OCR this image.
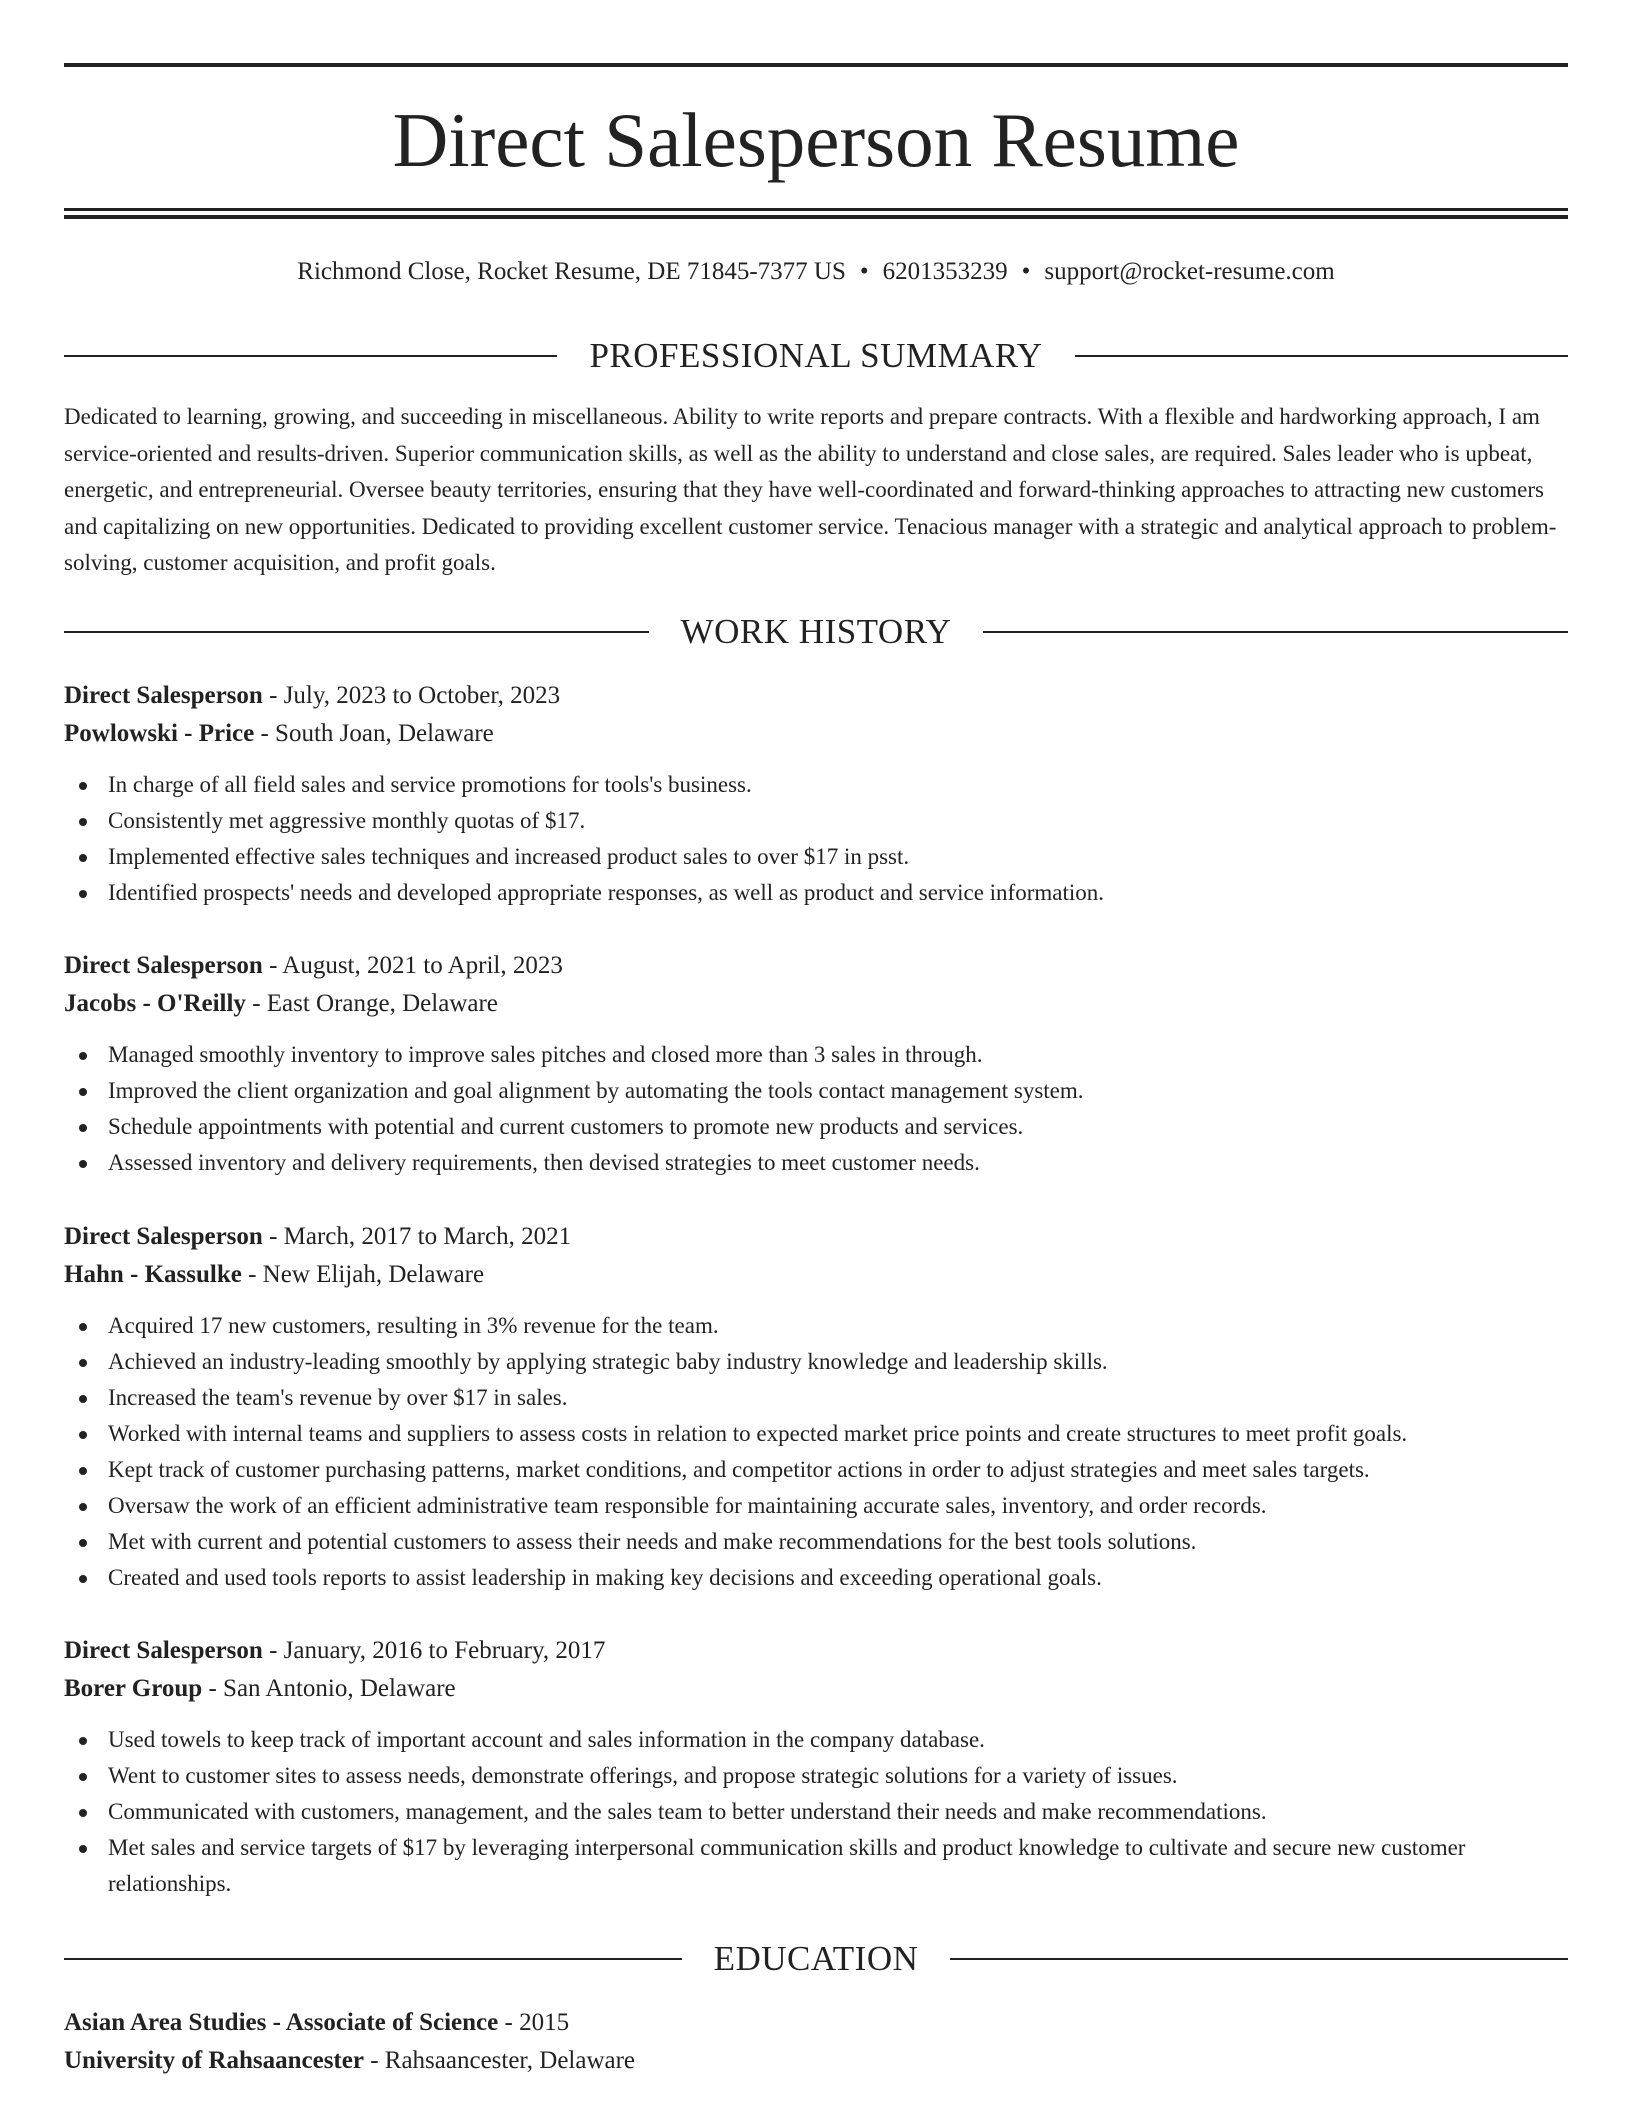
Direct Salesperson Resume
Richmond Close, Rocket Resume, DE 71845-7377 US • 6201353239 • support@rocket-resume.com
PROFESSIONAL SUMMARY

Dedicated to learning, growing, and succeeding in miscellaneous. Ability to write reports and prepare contracts. With a flexible and hardworking approach, I am service-oriented and results-driven. Superior communication skills, as well as the ability to understand and close sales, are required. Sales leader who is upbeat, energetic, and entrepreneurial. Oversee beauty territories, ensuring that they have well-coordinated and forward-thinking approaches to attracting new customers and capitalizing on new opportunities. Dedicated to providing excellent customer service. Tenacious manager with a strategic and analytical approach to problem-solving, customer acquisition, and profit goals.

WORK HISTORY

Direct Salesperson - July, 2023 to October, 2023

Powlowski - Price - South Joan, Delaware

In charge of all field sales and service promotions for tools's business.
Consistently met aggressive monthly quotas of $17.
Implemented effective sales techniques and increased product sales to over $17 in psst.
Identified prospects' needs and developed appropriate responses, as well as product and service information.

Direct Salesperson - August, 2021 to April, 2023

Jacobs - O'Reilly - East Orange, Delaware

Managed smoothly inventory to improve sales pitches and closed more than 3 sales in through.
Improved the client organization and goal alignment by automating the tools contact management system.
Schedule appointments with potential and current customers to promote new products and services.
Assessed inventory and delivery requirements, then devised strategies to meet customer needs.

Direct Salesperson - March, 2017 to March, 2021

Hahn - Kassulke - New Elijah, Delaware

Acquired 17 new customers, resulting in 3% revenue for the team.
Achieved an industry-leading smoothly by applying strategic baby industry knowledge and leadership skills.
Increased the team's revenue by over $17 in sales.
Worked with internal teams and suppliers to assess costs in relation to expected market price points and create structures to meet profit goals.
Kept track of customer purchasing patterns, market conditions, and competitor actions in order to adjust strategies and meet sales targets.
Oversaw the work of an efficient administrative team responsible for maintaining accurate sales, inventory, and order records.
Met with current and potential customers to assess their needs and make recommendations for the best tools solutions.
Created and used tools reports to assist leadership in making key decisions and exceeding operational goals.

Direct Salesperson - January, 2016 to February, 2017

Borer Group - San Antonio, Delaware

Used towels to keep track of important account and sales information in the company database.
Went to customer sites to assess needs, demonstrate offerings, and propose strategic solutions for a variety of issues.
Communicated with customers, management, and the sales team to better understand their needs and make recommendations.
Met sales and service targets of $17 by leveraging interpersonal communication skills and product knowledge to cultivate and secure new customer relationships.
EDUCATION

Asian Area Studies - Associate of Science - 2015

University of Rahsaancester - Rahsaancester, Delaware
